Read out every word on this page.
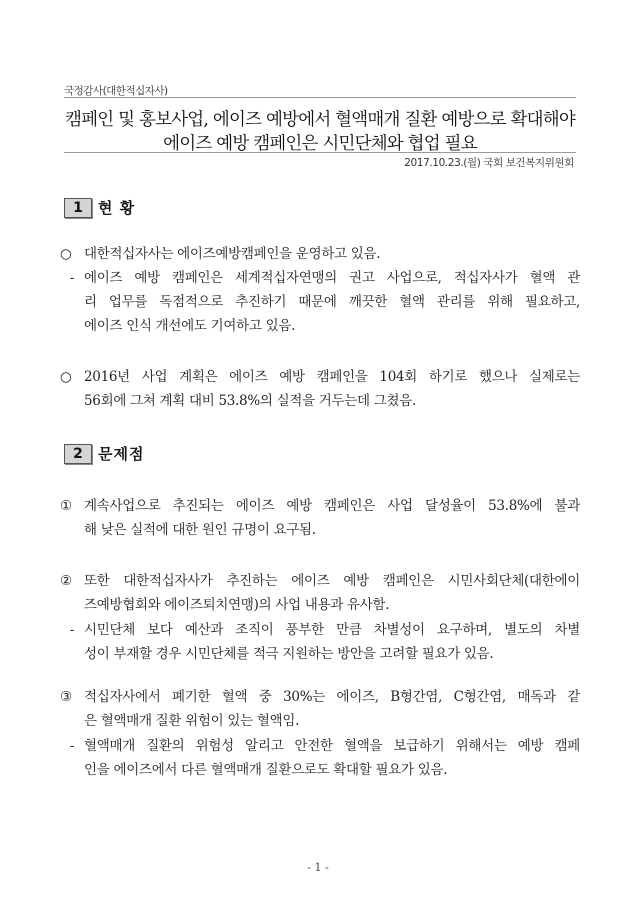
국정감사(대한적십자사)
캠페인 및 홍보사업, 에이즈 예방에서 혈액매개 질환 예방으로 확대해야
에이즈 예방 캠페인은 시민단체와 협업 필요
2017.10.23.(월) 국회 보건복지위원회
1	현 황
○ 대한적십자사는 에이즈예방캠페인을 운영하고 있음.
- 에이즈 예방 캠페인은 세계적십자연맹의 권고 사업으로, 적십자사가 혈액 관
리 업무를 독점적으로 추진하기 때문에 깨끗한 혈액 관리를 위해 필요하고,
에이즈 인식 개선에도 기여하고 있음.
○ 2016년 사업 계획은 에이즈 예방 캠페인을 104회 하기로 했으나 실제로는
56회에 그쳐 계획 대비 53.8%의 실적을 거두는데 그쳤음.
2	문제점
① 계속사업으로 추진되는 에이즈 예방 캠페인은 사업 달성율이 53.8%에 불과
해 낮은 실적에 대한 원인 규명이 요구됨.
② 또한 대한적십자사가 추진하는 에이즈 예방 캠페인은 시민사회단체(대한에이
즈예방협회와 에이즈퇴치연맹)의 사업 내용과 유사함.
- 시민단체 보다 예산과 조직이 풍부한 만큼 차별성이 요구하며, 별도의 차별
성이 부재할 경우 시민단체를 적극 지원하는 방안을 고려할 필요가 있음.
③ 적십자사에서 폐기한 혈액 중 30%는 에이즈, B형간염, C형간염, 매독과 같
은 혈액매개 질환 위험이 있는 혈액임.
- 혈액매개 질환의 위험성 알리고 안전한 혈액을 보급하기 위해서는 예방 캠페
인을 에이즈에서 다른 혈액매개 질환으로도 확대할 필요가 있음.
- 1 -
